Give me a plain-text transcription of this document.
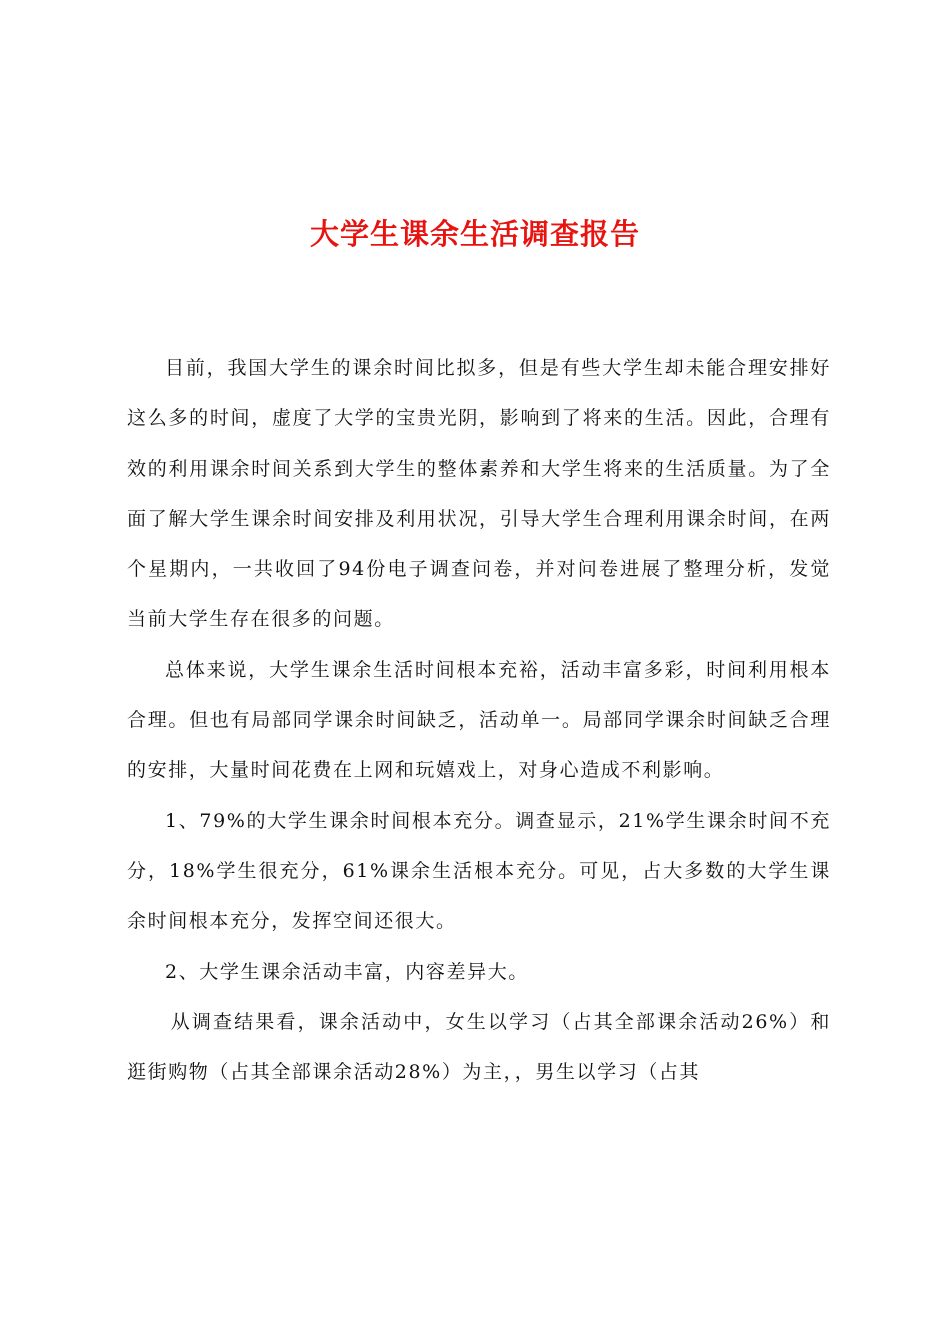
大学生课余生活调查报告

目前，我国大学生的课余时间比拟多，但是有些大学生却未能合理安排好这么多的时间，虚度了大学的宝贵光阴，影响到了将来的生活。因此，合理有效的利用课余时间关系到大学生的整体素养和大学生将来的生活质量。为了全面了解大学生课余时间安排及利用状况，引导大学生合理利用课余时间，在两个星期内，一共收回了94份电子调查问卷，并对问卷进展了整理分析，发觉当前大学生存在很多的问题。

总体来说，大学生课余生活时间根本充裕，活动丰富多彩，时间利用根本合理。但也有局部同学课余时间缺乏，活动单一。局部同学课余时间缺乏合理的安排，大量时间花费在上网和玩嬉戏上，对身心造成不利影响。

1、79%的大学生课余时间根本充分。调查显示，21%学生课余时间不充分，18%学生很充分，61%课余生活根本充分。可见，占大多数的大学生课余时间根本充分，发挥空间还很大。

2、大学生课余活动丰富，内容差异大。

从调查结果看，课余活动中，女生以学习（占其全部课余活动26%）和逛街购物（占其全部课余活动28%）为主，，男生以学习（占其
